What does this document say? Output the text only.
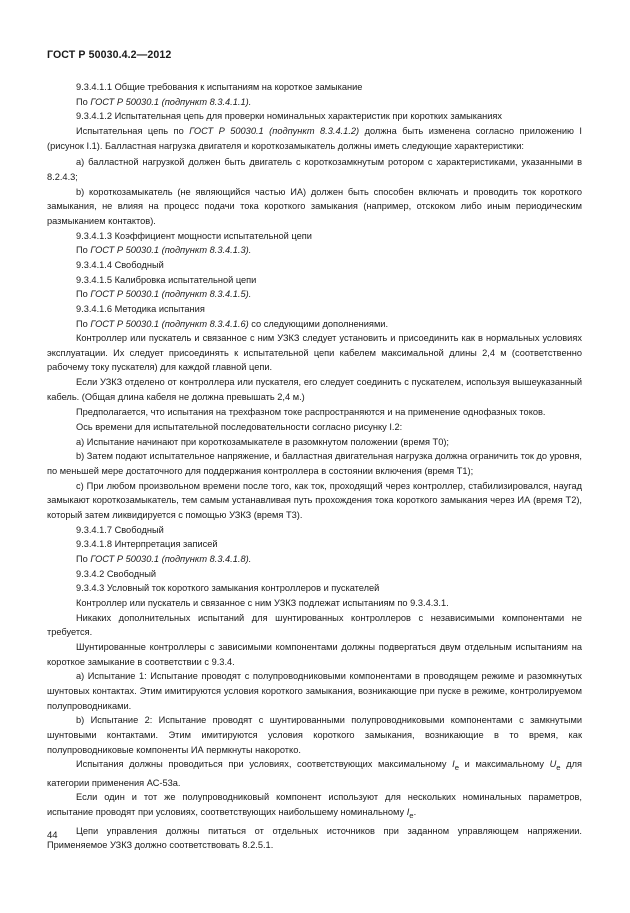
ГОСТ Р 50030.4.2—2012

9.3.4.1.1 Общие требования к испытаниям на короткое замыкание

По ГОСТ Р 50030.1 (подпункт 8.3.4.1.1).

9.3.4.1.2 Испытательная цепь для проверки номинальных характеристик при коротких замыканиях

Испытательная цепь по ГОСТ Р 50030.1 (подпункт 8.3.4.1.2) должна быть изменена согласно приложению I (рисунок I.1). Балластная нагрузка двигателя и короткозамыкатель должны иметь следующие характеристики:

a) балластной нагрузкой должен быть двигатель с короткозамкнутым ротором с характеристиками, указанными в 8.2.4.3;

b) короткозамыкатель (не являющийся частью ИА) должен быть способен включать и проводить ток короткого замыкания, не влияя на процесс подачи тока короткого замыкания (например, отскоком либо иным периодическим размыканием контактов).

9.3.4.1.3 Коэффициент мощности испытательной цепи

По ГОСТ Р 50030.1 (подпункт 8.3.4.1.3).

9.3.4.1.4 Свободный

9.3.4.1.5 Калибровка испытательной цепи

По ГОСТ Р 50030.1 (подпункт 8.3.4.1.5).

9.3.4.1.6 Методика испытания

По ГОСТ Р 50030.1 (подпункт 8.3.4.1.6) со следующими дополнениями.

Контроллер или пускатель и связанное с ним УЗКЗ следует установить и присоединить как в нормальных условиях эксплуатации. Их следует присоединять к испытательной цепи кабелем максимальной длины 2,4 м (соответственно рабочему току пускателя) для каждой главной цепи.

Если УЗКЗ отделено от контроллера или пускателя, его следует соединить с пускателем, используя вышеуказанный кабель. (Общая длина кабеля не должна превышать 2,4 м.)

Предполагается, что испытания на трехфазном токе распространяются и на применение однофазных токов.

Ось времени для испытательной последовательности согласно рисунку I.2:

a) Испытание начинают при короткозамыкателе в разомкнутом положении (время T0);

b) Затем подают испытательное напряжение, и балластная двигательная нагрузка должна ограничить ток до уровня, по меньшей мере достаточного для поддержания контроллера в состоянии включения (время T1);

c) При любом произвольном времени после того, как ток, проходящий через контроллер, стабилизировался, наугад замыкают короткозамыкатель, тем самым устанавливая путь прохождения тока короткого замыкания через ИА (время T2), который затем ликвидируется с помощью УЗКЗ (время T3).

9.3.4.1.7 Свободный

9.3.4.1.8 Интерпретация записей

По ГОСТ Р 50030.1 (подпункт 8.3.4.1.8).

9.3.4.2 Свободный

9.3.4.3 Условный ток короткого замыкания контроллеров и пускателей

Контроллер или пускатель и связанное с ним УЗКЗ подлежат испытаниям по 9.3.4.3.1.

Никаких дополнительных испытаний для шунтированных контроллеров с независимыми компонентами не требуется.

Шунтированные контроллеры с зависимыми компонентами должны подвергаться двум отдельным испытаниям на короткое замыкание в соответствии с 9.3.4.

a) Испытание 1: Испытание проводят с полупроводниковыми компонентами в проводящем режиме и разомкнутых шунтовых контактах. Этим имитируются условия короткого замыкания, возникающие при пуске в режиме, контролируемом полупроводниками.

b) Испытание 2: Испытание проводят с шунтированными полупроводниковыми компонентами с замкнутыми шунтовыми контактами. Этим имитируются условия короткого замыкания, возникающие в то время, как полупроводниковые компоненты ИА пермкнуты накоротко.

Испытания должны проводиться при условиях, соответствующих максимальному $I_e$ и максимальному $U_e$ для категории применения АС-53а.

Если один и тот же полупроводниковый компонент используют для нескольких номинальных параметров, испытание проводят при условиях, соответствующих наибольшему номинальному $I_e$.

Цепи управления должны питаться от отдельных источников при заданном управляющем напряжении. Применяемое УЗКЗ должно соответствовать 8.2.5.1.

44
